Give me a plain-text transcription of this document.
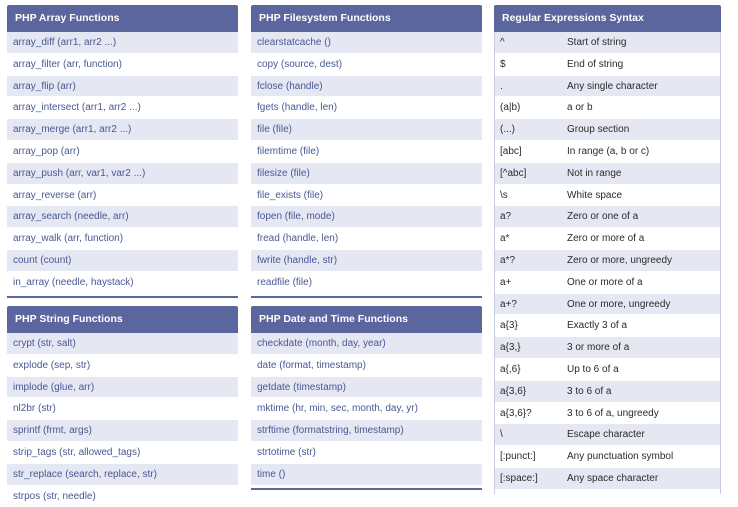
PHP Array Functions
array_diff (arr1, arr2 ...)
array_filter (arr, function)
array_flip (arr)
array_intersect (arr1, arr2 ...)
array_merge (arr1, arr2 ...)
array_pop (arr)
array_push (arr, var1, var2 ...)
array_reverse (arr)
array_search (needle, arr)
array_walk (arr, function)
count (count)
in_array (needle, haystack)
PHP Filesystem Functions
clearstatcache ()
copy (source, dest)
fclose (handle)
fgets (handle, len)
file (file)
filemtime (file)
filesize (file)
file_exists (file)
fopen (file, mode)
fread (handle, len)
fwrite (handle, str)
readfile (file)
PHP String Functions
crypt (str, salt)
explode (sep, str)
implode (glue, arr)
nl2br (str)
sprintf (frmt, args)
strip_tags (str, allowed_tags)
str_replace (search, replace, str)
strpos (str, needle)
PHP Date and Time Functions
checkdate (month, day, year)
date (format, timestamp)
getdate (timestamp)
mktime (hr, min, sec, month, day, yr)
strftime (formatstring, timestamp)
strtotime (str)
time ()
Regular Expressions Syntax
^	Start of string
$	End of string
.	Any single character
(a|b)	a or b
(...)	Group section
[abc]	In range (a, b or c)
[^abc]	Not in range
\s	White space
a?	Zero or one of a
a*	Zero or more of a
a*?	Zero or more, ungreedy
a+	One or more of a
a+?	One or more, ungreedy
a{3}	Exactly 3 of a
a{3,}	3 or more of a
a{,6}	Up to 6 of a
a{3,6}	3 to 6 of a
a{3,6}?	3 to 6 of a, ungreedy
\	Escape character
[:punct:]	Any punctuation symbol
[:space:]	Any space character
